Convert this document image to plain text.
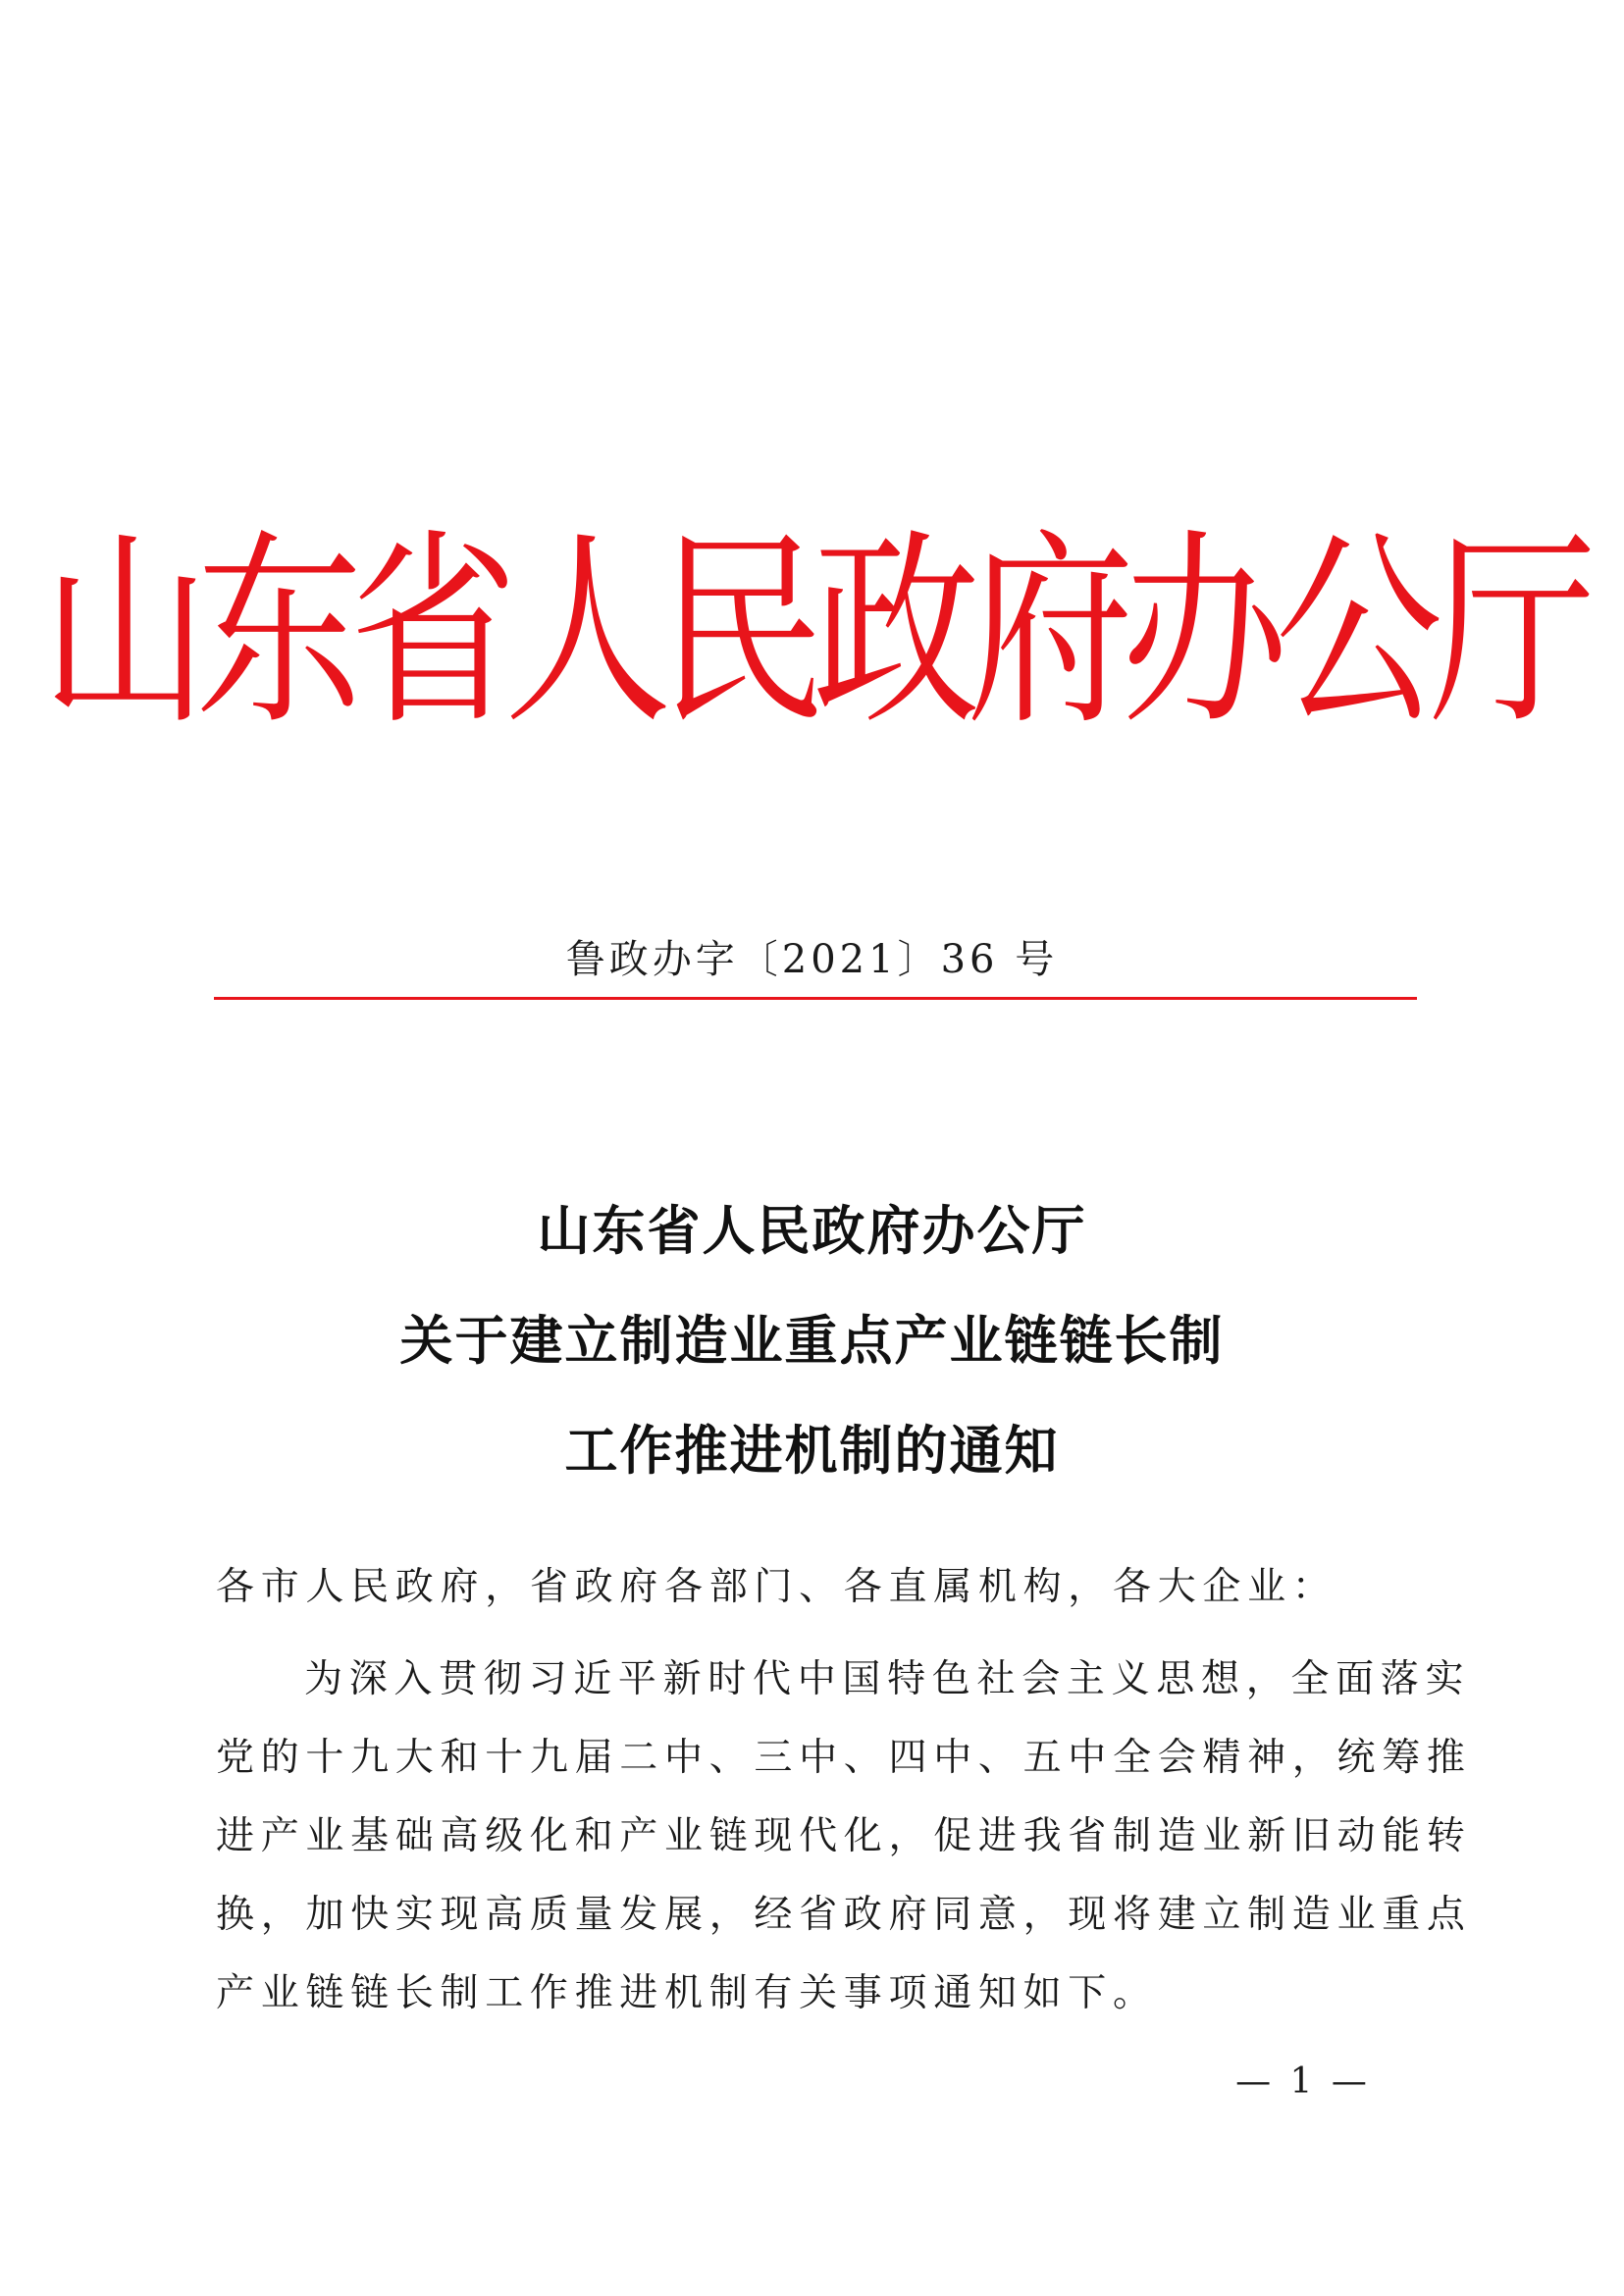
山东省人民政府办公厅
鲁政办字〔2021〕36 号
山东省人民政府办公厅
关于建立制造业重点产业链链长制
工作推进机制的通知
各市人民政府，省政府各部门、各直属机构，各大企业：
为深入贯彻习近平新时代中国特色社会主义思想，全面落实
党的十九大和十九届二中、三中、四中、五中全会精神，统筹推
进产业基础高级化和产业链现代化，促进我省制造业新旧动能转
换，加快实现高质量发展，经省政府同意，现将建立制造业重点
产业链链长制工作推进机制有关事项通知如下。
— 1 —
